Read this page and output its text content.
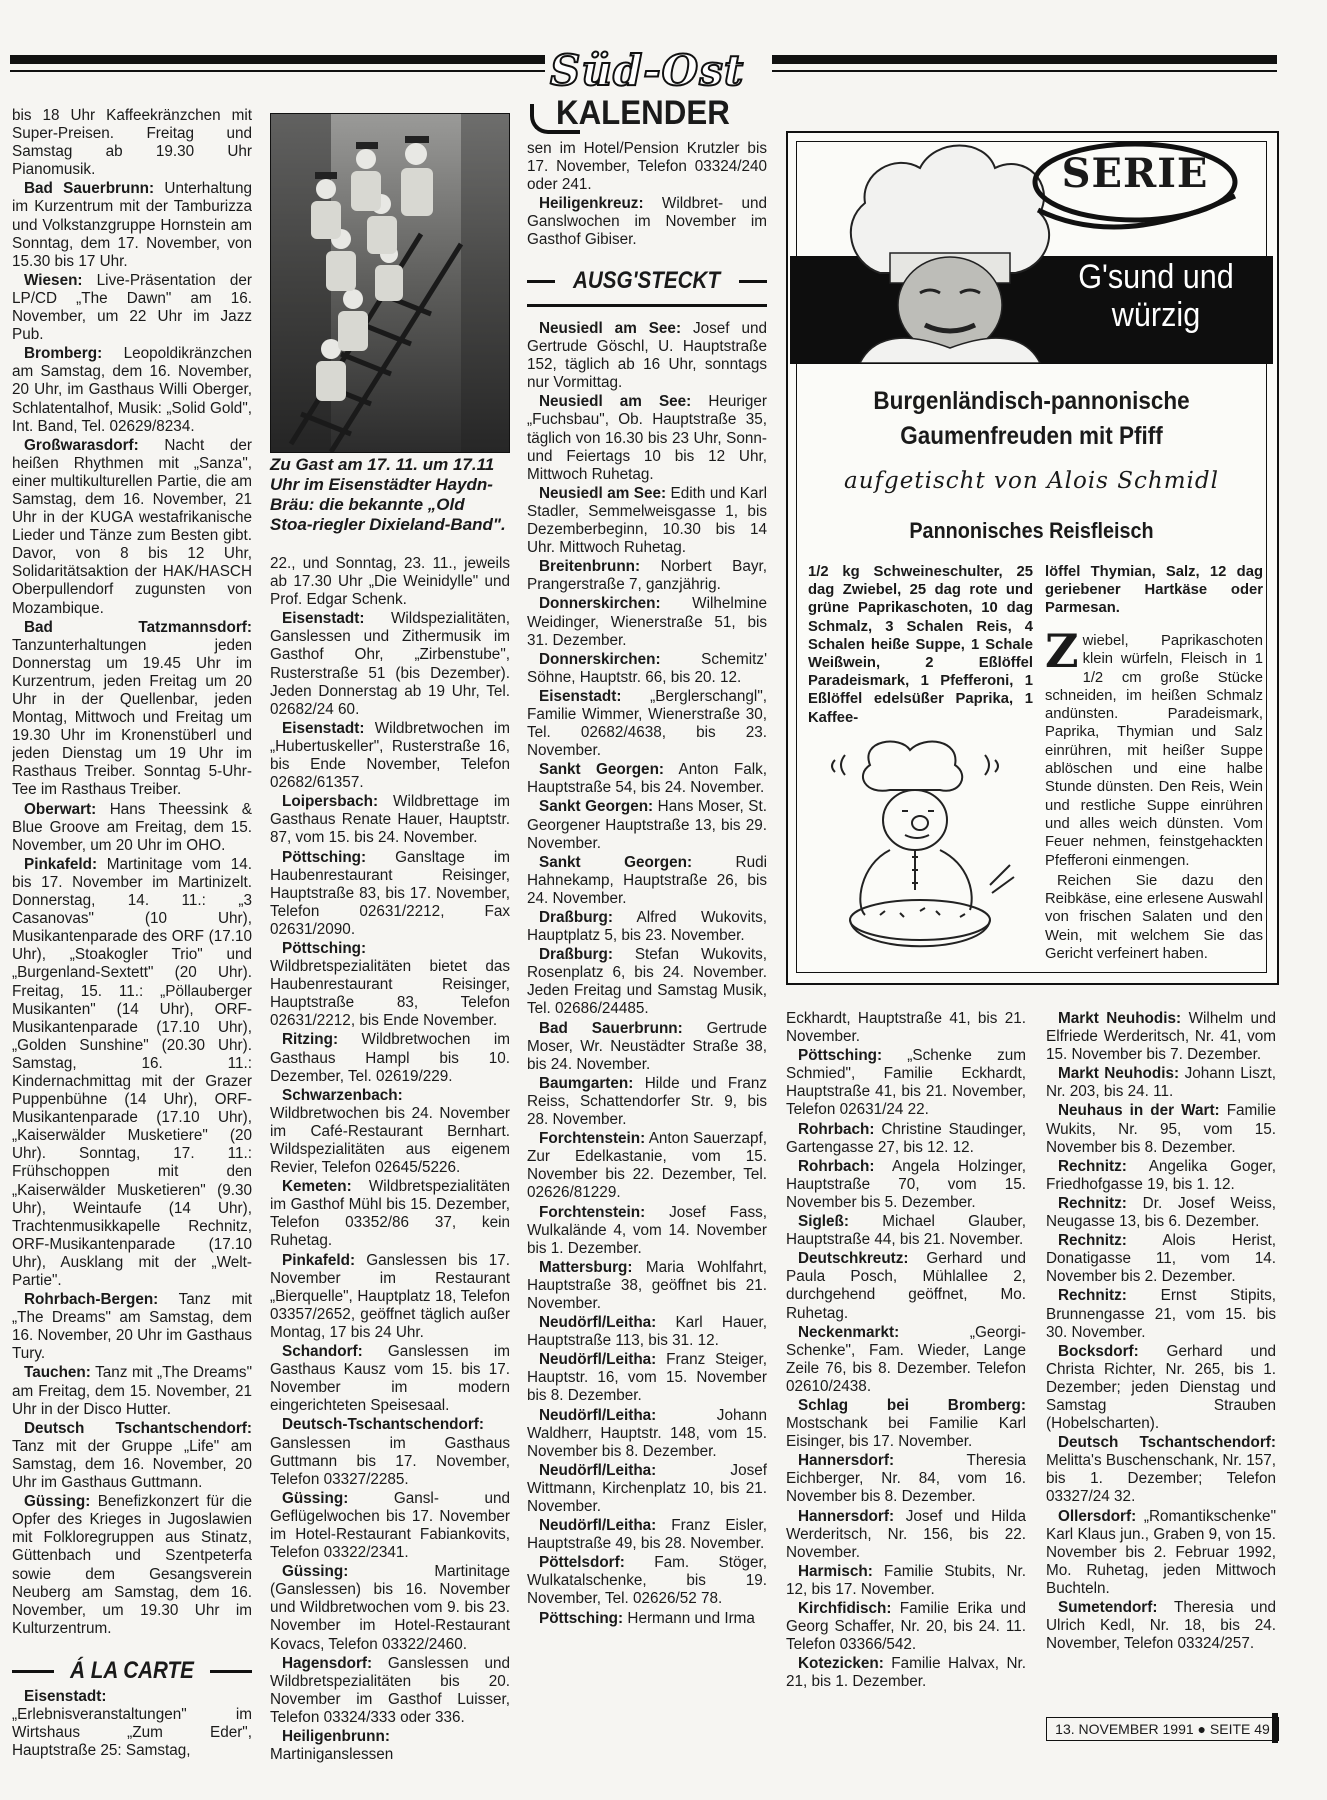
Süd-Ost
KALENDER

bis 18 Uhr Kaffeekränzchen mit Super-Preisen. Freitag und Samstag ab 19.30 Uhr Pianomusik.

Bad Sauerbrunn: Unterhaltung im Kurzentrum mit der Tamburizza und Volkstanzgruppe Hornstein am Sonntag, dem 17. November, von 15.30 bis 17 Uhr.

Wiesen: Live-Präsentation der LP/CD „The Dawn" am 16. November, um 22 Uhr im Jazz Pub.

Bromberg: Leopoldikränzchen am Samstag, dem 16. November, 20 Uhr, im Gasthaus Willi Oberger, Schlatentalhof, Musik: „Solid Gold", Int. Band, Tel. 02629/8234.

Großwarasdorf: Nacht der heißen Rhythmen mit „Sanza", einer multikulturellen Partie, die am Samstag, dem 16. November, 21 Uhr in der KUGA westafrikanische Lieder und Tänze zum Besten gibt. Davor, von 8 bis 12 Uhr, Solidaritätsaktion der HAK/HASCH Oberpullendorf zugunsten von Mozambique.

Bad Tatzmannsdorf: Tanzunterhaltungen jeden Donnerstag um 19.45 Uhr im Kurzentrum, jeden Freitag um 20 Uhr in der Quellenbar, jeden Montag, Mittwoch und Freitag um 19.30 Uhr im Kronenstüberl und jeden Dienstag um 19 Uhr im Rasthaus Treiber. Sonntag 5-Uhr-Tee im Rasthaus Treiber.

Oberwart: Hans Theessink & Blue Groove am Freitag, dem 15. November, um 20 Uhr im OHO.

Pinkafeld: Martinitage vom 14. bis 17. November im Martinizelt. Donnerstag, 14. 11.: „3 Casanovas" (10 Uhr), Musikantenparade des ORF (17.10 Uhr), „Stoakogler Trio" und „Burgenland-Sextett" (20 Uhr). Freitag, 15. 11.: „Pöllauberger Musikanten" (14 Uhr), ORF-Musikantenparade (17.10 Uhr), „Golden Sunshine" (20.30 Uhr). Samstag, 16. 11.: Kindernachmittag mit der Grazer Puppenbühne (14 Uhr), ORF-Musikantenparade (17.10 Uhr), „Kaiserwälder Musketiere" (20 Uhr). Sonntag, 17. 11.: Frühschoppen mit den „Kaiserwälder Musketieren" (9.30 Uhr), Weintaufe (14 Uhr), Trachtenmusikkapelle Rechnitz, ORF-Musikantenparade (17.10 Uhr), Ausklang mit der „Welt-Partie".

Rohrbach-Bergen: Tanz mit „The Dreams" am Samstag, dem 16. November, 20 Uhr im Gasthaus Tury.

Tauchen: Tanz mit „The Dreams" am Freitag, dem 15. November, 21 Uhr in der Disco Hutter.

Deutsch Tschantschendorf: Tanz mit der Gruppe „Life" am Samstag, dem 16. November, 20 Uhr im Gasthaus Guttmann.

Güssing: Benefizkonzert für die Opfer des Krieges in Jugoslawien mit Folkloregruppen aus Stinatz, Güttenbach und Szentpeterfa sowie dem Gesangsverein Neuberg am Samstag, dem 16. November, um 19.30 Uhr im Kulturzentrum.

Á LA CARTE

Eisenstadt: „Erlebnisveranstaltungen" im Wirtshaus „Zum Eder", Hauptstraße 25: Samstag,

Zu Gast am 17. 11. um 17.11 Uhr im Eisenstädter Haydn-Bräu: die bekannte „Old Stoa-riegler Dixieland-Band".

22., und Sonntag, 23. 11., jeweils ab 17.30 Uhr „Die Weinidylle" und Prof. Edgar Schenk.

Eisenstadt: Wildspezialitäten, Ganslessen und Zithermusik im Gasthof Ohr, „Zirbenstube", Rusterstraße 51 (bis Dezember). Jeden Donnerstag ab 19 Uhr, Tel. 02682/24 60.

Eisenstadt: Wildbretwochen im „Hubertuskeller", Rusterstraße 16, bis Ende November, Telefon 02682/61357.

Loipersbach: Wildbrettage im Gasthaus Renate Hauer, Hauptstr. 87, vom 15. bis 24. November.

Pöttsching: Gansltage im Haubenrestaurant Reisinger, Hauptstraße 83, bis 17. November, Telefon 02631/2212, Fax 02631/2090.

Pöttsching: Wildbretspezialitäten bietet das Haubenrestaurant Reisinger, Hauptstraße 83, Telefon 02631/2212, bis Ende November.

Ritzing: Wildbretwochen im Gasthaus Hampl bis 10. Dezember, Tel. 02619/229.

Schwarzenbach: Wildbretwochen bis 24. November im Café-Restaurant Bernhart. Wildspezialitäten aus eigenem Revier, Telefon 02645/5226.

Kemeten: Wildbretspezialitäten im Gasthof Mühl bis 15. Dezember, Telefon 03352/86 37, kein Ruhetag.

Pinkafeld: Ganslessen bis 17. November im Restaurant „Bierquelle", Hauptplatz 18, Telefon 03357/2652, geöffnet täglich außer Montag, 17 bis 24 Uhr.

Schandorf: Ganslessen im Gasthaus Kausz vom 15. bis 17. November im modern eingerichteten Speisesaal.

Deutsch-Tschantschendorf: Ganslessen im Gasthaus Guttmann bis 17. November, Telefon 03327/2285.

Güssing: Gansl- und Geflügelwochen bis 17. November im Hotel-Restaurant Fabiankovits, Telefon 03322/2341.

Güssing: Martinitage (Ganslessen) bis 16. November und Wildbretwochen vom 9. bis 23. November im Hotel-Restaurant Kovacs, Telefon 03322/2460.

Hagensdorf: Ganslessen und Wildbretspezialitäten bis 20. November im Gasthof Luisser, Telefon 03324/333 oder 336.

Heiligenbrunn: Martiniganslessen

sen im Hotel/Pension Krutzler bis 17. November, Telefon 03324/240 oder 241.

Heiligenkreuz: Wildbret- und Ganslwochen im November im Gasthof Gibiser.

AUSG'STECKT

Neusiedl am See: Josef und Gertrude Göschl, U. Hauptstraße 152, täglich ab 16 Uhr, sonntags nur Vormittag.

Neusiedl am See: Heuriger „Fuchsbau", Ob. Hauptstraße 35, täglich von 16.30 bis 23 Uhr, Sonn- und Feiertags 10 bis 12 Uhr, Mittwoch Ruhetag.

Neusiedl am See: Edith und Karl Stadler, Semmelweisgasse 1, bis Dezemberbeginn, 10.30 bis 14 Uhr. Mittwoch Ruhetag.

Breitenbrunn: Norbert Bayr, Prangerstraße 7, ganzjährig.

Donnerskirchen: Wilhelmine Weidinger, Wienerstraße 51, bis 31. Dezember.

Donnerskirchen: Schemitz' Söhne, Hauptstr. 66, bis 20. 12.

Eisenstadt: „Berglerschangl", Familie Wimmer, Wienerstraße 30, Tel. 02682/4638, bis 23. November.

Sankt Georgen: Anton Falk, Hauptstraße 54, bis 24. November.

Sankt Georgen: Hans Moser, St. Georgener Hauptstraße 13, bis 29. November.

Sankt Georgen: Rudi Hahnekamp, Hauptstraße 26, bis 24. November.

Draßburg: Alfred Wukovits, Hauptplatz 5, bis 23. November.

Draßburg: Stefan Wukovits, Rosenplatz 6, bis 24. November. Jeden Freitag und Samstag Musik, Tel. 02686/24485.

Bad Sauerbrunn: Gertrude Moser, Wr. Neustädter Straße 38, bis 24. November.

Baumgarten: Hilde und Franz Reiss, Schattendorfer Str. 9, bis 28. November.

Forchtenstein: Anton Sauerzapf, Zur Edelkastanie, vom 15. November bis 22. Dezember, Tel. 02626/81229.

Forchtenstein: Josef Fass, Wulkalände 4, vom 14. November bis 1. Dezember.

Mattersburg: Maria Wohlfahrt, Hauptstraße 38, geöffnet bis 21. November.

Neudörfl/Leitha: Karl Hauer, Hauptstraße 113, bis 31. 12.

Neudörfl/Leitha: Franz Steiger, Hauptstr. 16, vom 15. November bis 8. Dezember.

Neudörfl/Leitha: Johann Waldherr, Hauptstr. 148, vom 15. November bis 8. Dezember.

Neudörfl/Leitha: Josef Wittmann, Kirchenplatz 10, bis 21. November.

Neudörfl/Leitha: Franz Eisler, Hauptstraße 49, bis 28. November.

Pöttelsdorf: Fam. Stöger, Wulkatalschenke, bis 19. November, Tel. 02626/52 78.

Pöttsching: Hermann und Irma

SERIE
G'sund und würzig
Burgenländisch-pannonische Gaumenfreuden mit Pfiff
aufgetischt von Alois Schmidl
Pannonisches Reisfleisch
1/2 kg Schweineschulter, 25 dag Zwiebel, 25 dag rote und grüne Paprikaschoten, 10 dag Schmalz, 3 Schalen Reis, 4 Schalen heiße Suppe, 1 Schale Weißwein, 2 Eßlöffel Paradeismark, 1 Pfefferoni, 1 Eßlöffel edelsüßer Paprika, 1 Kaffee-
löffel Thymian, Salz, 12 dag geriebener Hartkäse oder Parmesan.

Zwiebel, Paprikaschoten klein würfeln, Fleisch in 1 1/2 cm große Stücke schneiden, im heißen Schmalz andünsten. Paradeismark, Paprika, Thymian und Salz einrühren, mit heißer Suppe ablöschen und eine halbe Stunde dünsten. Den Reis, Wein und restliche Suppe einrühren und alles weich dünsten. Vom Feuer nehmen, feinstgehackten Pfefferoni einmengen.

Reichen Sie dazu den Reibkäse, eine erlesene Auswahl von frischen Salaten und den Wein, mit welchem Sie das Gericht verfeinert haben.

Eckhardt, Hauptstraße 41, bis 21. November.

Pöttsching: „Schenke zum Schmied", Familie Eckhardt, Hauptstraße 41, bis 21. November, Telefon 02631/24 22.

Rohrbach: Christine Staudinger, Gartengasse 27, bis 12. 12.

Rohrbach: Angela Holzinger, Hauptstraße 70, vom 15. November bis 5. Dezember.

Sigleß: Michael Glauber, Hauptstraße 44, bis 21. November.

Deutschkreutz: Gerhard und Paula Posch, Mühlallee 2, durchgehend geöffnet, Mo. Ruhetag.

Neckenmarkt: „Georgi-Schenke", Fam. Wieder, Lange Zeile 76, bis 8. Dezember. Telefon 02610/2438.

Schlag bei Bromberg: Mostschank bei Familie Karl Eisinger, bis 17. November.

Hannersdorf: Theresia Eichberger, Nr. 84, vom 16. November bis 8. Dezember.

Hannersdorf: Josef und Hilda Werderitsch, Nr. 156, bis 22. November.

Harmisch: Familie Stubits, Nr. 12, bis 17. November.

Kirchfidisch: Familie Erika und Georg Schaffer, Nr. 20, bis 24. 11. Telefon 03366/542.

Kotezicken: Familie Halvax, Nr. 21, bis 1. Dezember.

Markt Neuhodis: Wilhelm und Elfriede Werderitsch, Nr. 41, vom 15. November bis 7. Dezember.

Markt Neuhodis: Johann Liszt, Nr. 203, bis 24. 11.

Neuhaus in der Wart: Familie Wukits, Nr. 95, vom 15. November bis 8. Dezember.

Rechnitz: Angelika Goger, Friedhofgasse 19, bis 1. 12.

Rechnitz: Dr. Josef Weiss, Neugasse 13, bis 6. Dezember.

Rechnitz: Alois Herist, Donatigasse 11, vom 14. November bis 2. Dezember.

Rechnitz: Ernst Stipits, Brunnengasse 21, vom 15. bis 30. November.

Bocksdorf: Gerhard und Christa Richter, Nr. 265, bis 1. Dezember; jeden Dienstag und Samstag Strauben (Hobelscharten).

Deutsch Tschantschendorf: Melitta's Buschenschank, Nr. 157, bis 1. Dezember; Telefon 03327/24 32.

Ollersdorf: „Romantikschenke" Karl Klaus jun., Graben 9, von 15. November bis 2. Februar 1992, Mo. Ruhetag, jeden Mittwoch Buchteln.

Sumetendorf: Theresia und Ulrich Kedl, Nr. 18, bis 24. November, Telefon 03324/257.

13. NOVEMBER 1991 ● SEITE 49
